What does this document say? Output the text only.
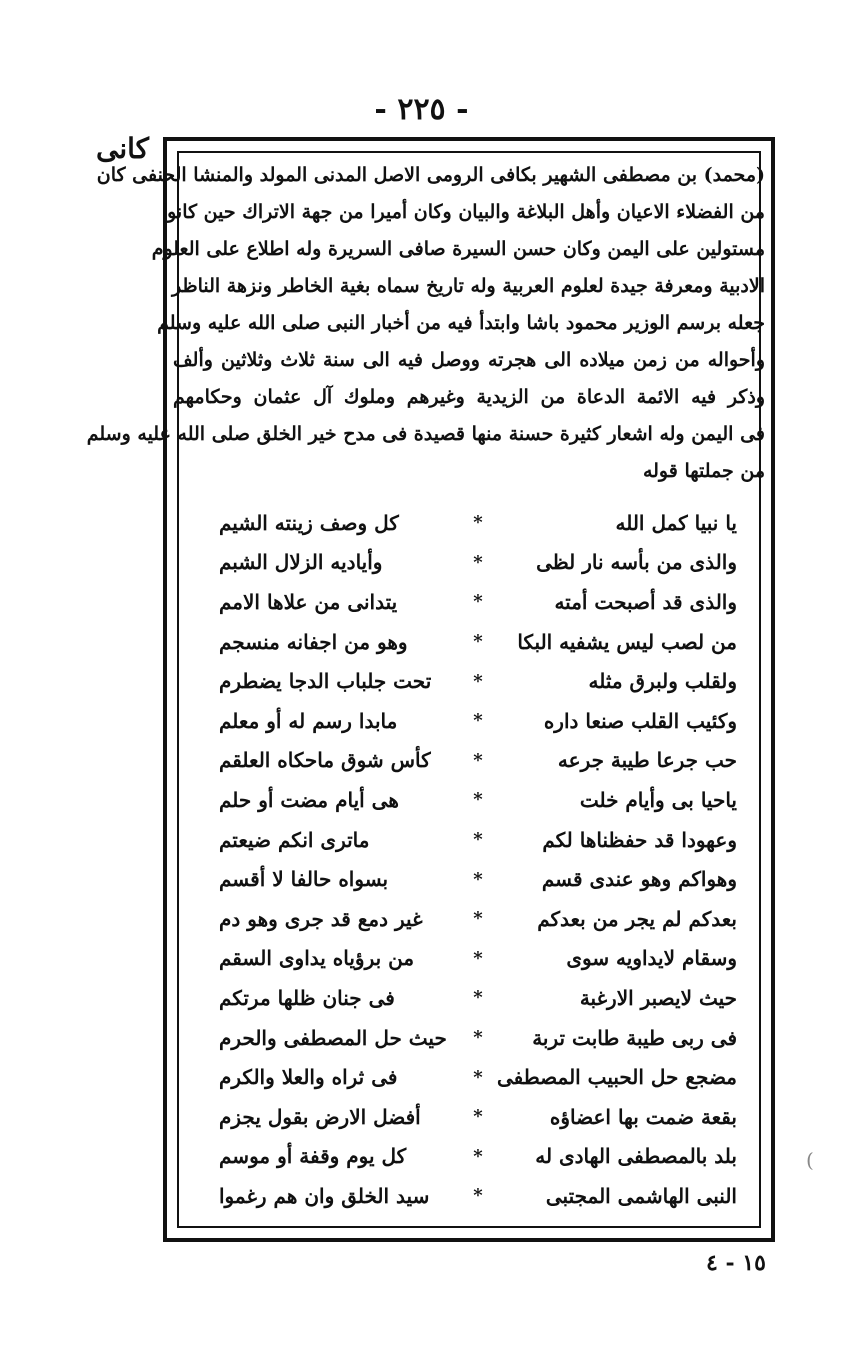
- ٢٢٥ -
كانى
(
(محمد) بن مصطفى الشهير بكافى الرومى الاصل المدنى المولد والمنشا الحنفى كان
من الفضلاء الاعيان وأهل البلاغة والبيان وكان أميرا من جهة الاتراك حين كانوا
مستولين على اليمن وكان حسن السيرة صافى السريرة وله اطلاع على العلوم
الادبية ومعرفة جيدة لعلوم العربية وله تاريخ سماه بغية الخاطر ونزهة الناظر
جعله برسم الوزير محمود باشا وابتدأ فيه من أخبار النبى صلى الله عليه وسلم
وأحواله من زمن ميلاده الى هجرته ووصل فيه الى سنة ثلاث وثلاثين وألف
وذكر فيه الائمة الدعاة من الزيدية وغيرهم وملوك آل عثمان وحكامهم
فى اليمن وله اشعار كثيرة حسنة منها قصيدة فى مدح خير الخلق صلى الله عليه وسلم
من جملتها قوله
يا نبيا كمل الله
*
كل وصف زينته الشيم
والذى من بأسه نار لظى
*
وأياديه الزلال الشبم
والذى قد أصبحت أمته
*
يتدانى من علاها الامم
من لصب ليس يشفيه البكا
*
وهو من اجفانه منسجم
ولقلب ولبرق مثله
*
تحت جلباب الدجا يضطرم
وكئيب القلب صنعا داره
*
مابدا رسم له أو معلم
حب جرعا طيبة جرعه
*
كأس شوق ماحكاه العلقم
ياحيا بى وأيام خلت
*
هى أيام مضت أو حلم
وعهودا قد حفظناها لكم
*
ماترى انكم ضيعتم
وهواكم وهو عندى قسم
*
بسواه حالفا لا أقسم
بعدكم لم يجر من بعدكم
*
غير دمع قد جرى وهو دم
وسقام لايداويه سوى
*
من برؤياه يداوى السقم
حيث لايصبر الارغبة
*
فى جنان ظلها مرتكم
فى ربى طيبة طابت تربة
*
حيث حل المصطفى والحرم
مضجع حل الحبيب المصطفى
*
فى ثراه والعلا والكرم
بقعة ضمت بها اعضاؤه
*
أفضل الارض بقول يجزم
بلد بالمصطفى الهادى له
*
كل يوم وقفة أو موسم
النبى الهاشمى المجتبى
*
سيد الخلق وان هم رغموا
١٥ - ٤
